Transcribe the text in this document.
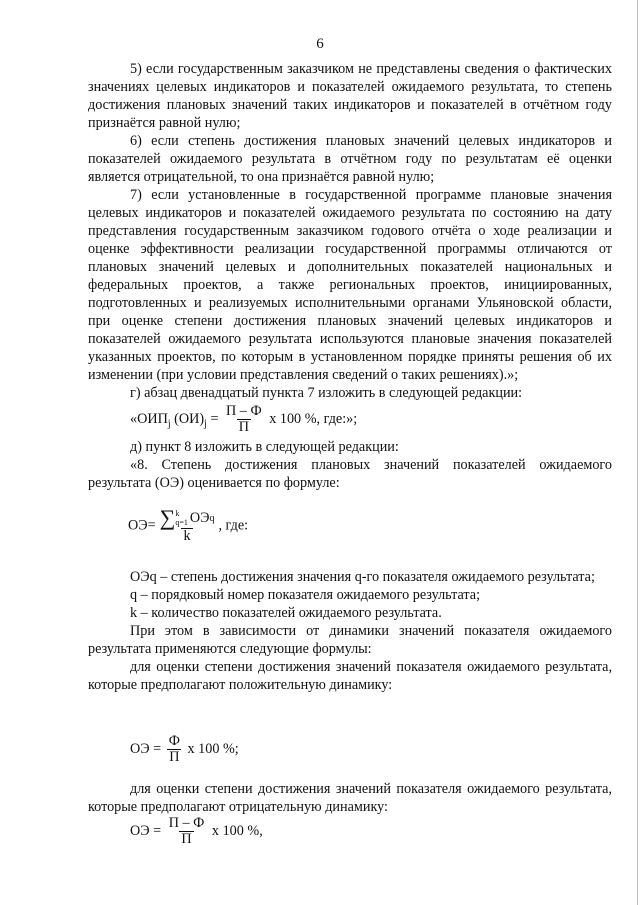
6

5) если государственным заказчиком не представлены сведения о фактических значениях целевых индикаторов и показателей ожидаемого результата, то степень достижения плановых значений таких индикаторов и показателей в отчётном году признаётся равной нулю;

6) если степень достижения плановых значений целевых индикаторов и показателей ожидаемого результата в отчётном году по результатам её оценки является отрицательной, то она признаётся равной нулю;

7) если установленные в государственной программе плановые значения целевых индикаторов и показателей ожидаемого результата по состоянию на дату представления государственным заказчиком годового отчёта о ходе реализации и оценке эффективности реализации государственной программы отличаются от плановых значений целевых и дополнительных показателей национальных и федеральных проектов, а также региональных проектов, инициированных, подготовленных и реализуемых исполнительными органами Ульяновской области, при оценке степени достижения плановых значений целевых индикаторов и показателей ожидаемого результата используются плановые значения показателей указанных проектов, по которым в установленном порядке приняты решения об их изменении (при условии представления сведений о таких решениях).»;

г) абзац двенадцатый пункта 7 изложить в следующей редакции:

«$ОИП_j$ $(ОИ)_j = \frac{П - Ф}{П}$ х 100 %, где:»;

д) пункт 8 изложить в следующей редакции:

«8. Степень достижения плановых значений показателей ожидаемого результата (ОЭ) оценивается по формуле:

ОЭ= ∑ k
q=1 ОЭ q
k , где:

ОЭq – степень достижения значения q-го показателя ожидаемого результата;

q – порядковый номер показателя ожидаемого результата;

k – количество показателей ожидаемого результата.

При этом в зависимости от динамики значений показателя ожидаемого результата применяются следующие формулы:

для оценки степени достижения значений показателя ожидаемого результата, которые предполагают положительную динамику:

ОЭ = $\frac{Ф}{П}$ х 100 %;

для оценки степени достижения значений показателя ожидаемого результата, которые предполагают отрицательную динамику:

ОЭ = $\frac{П - Ф}{П}$ х 100 %,
